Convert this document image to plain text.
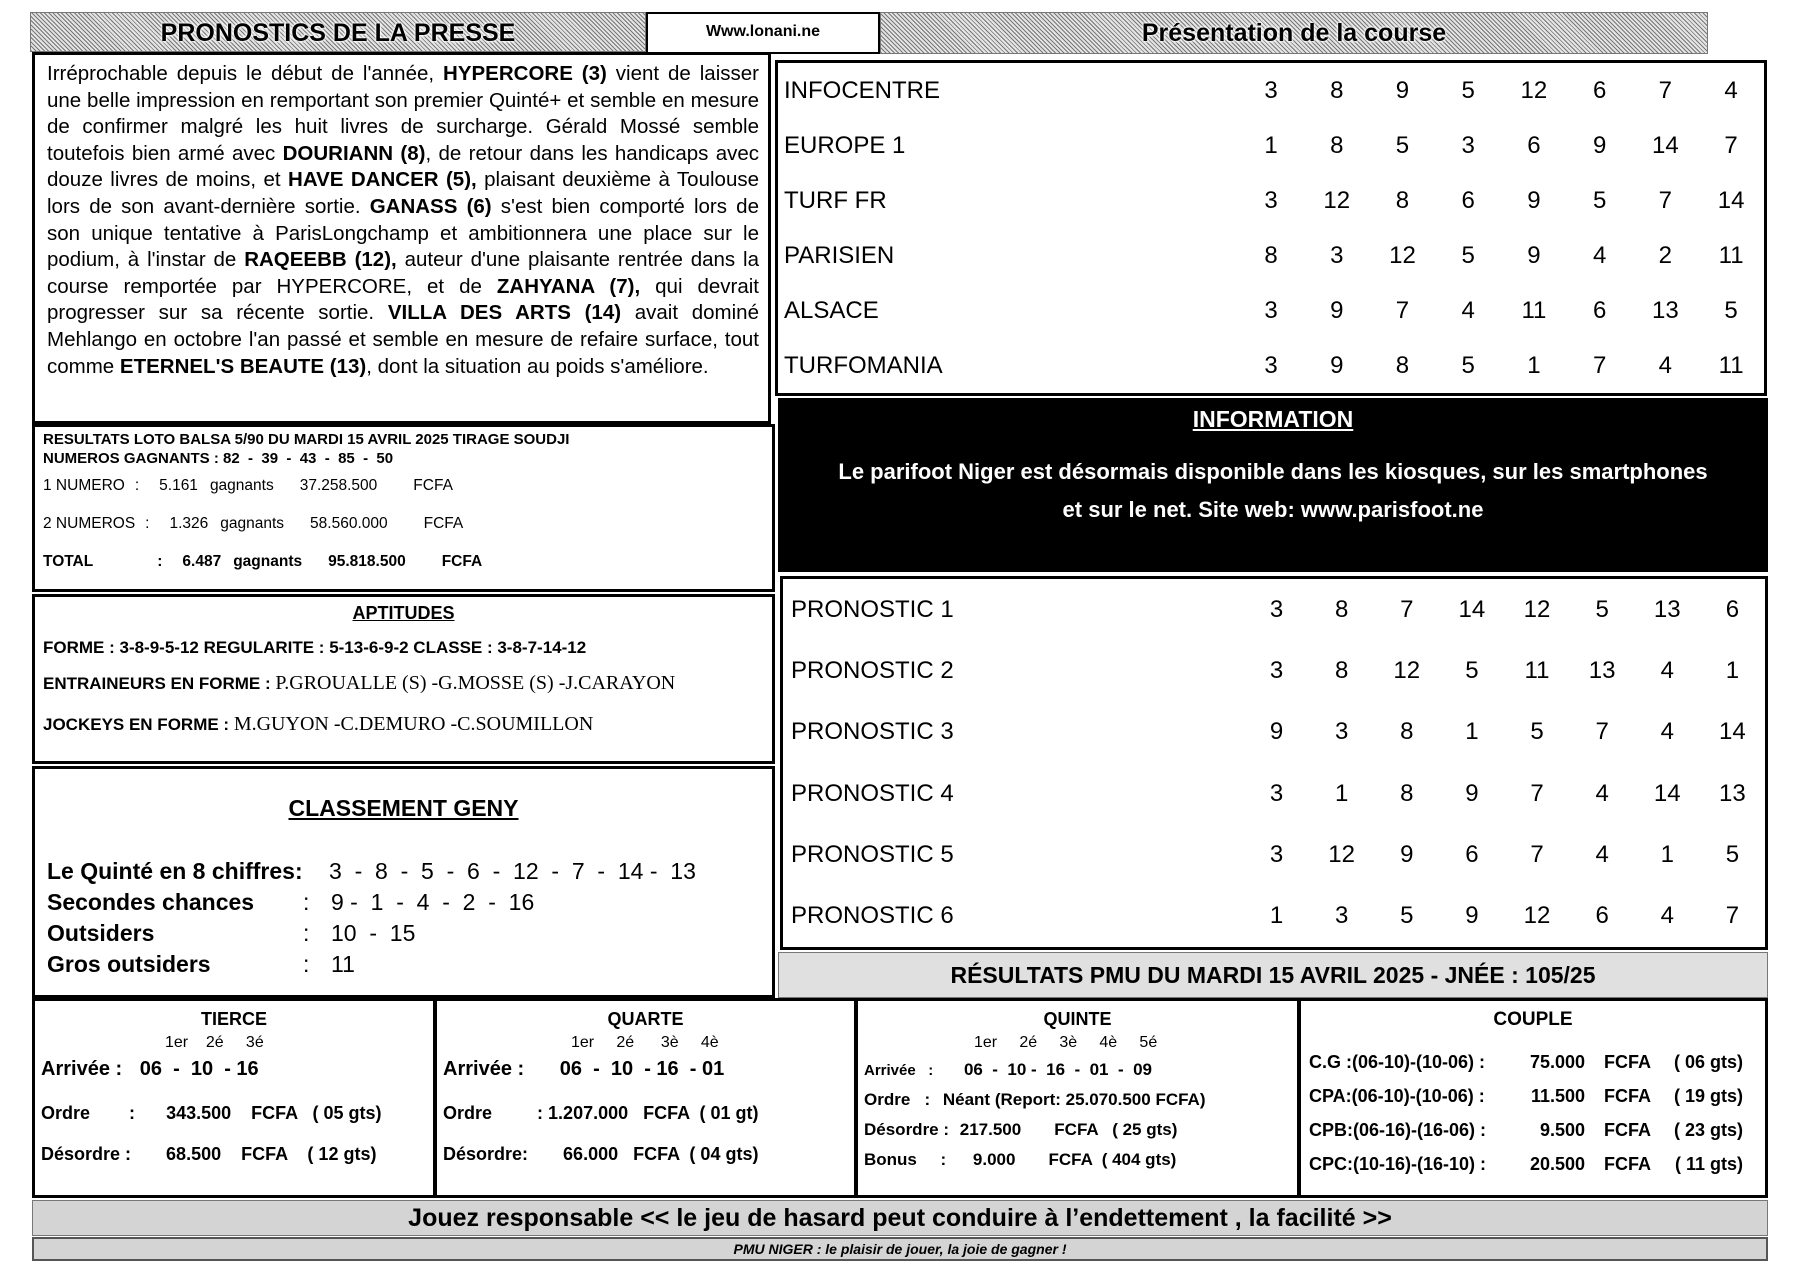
PRONOSTICS DE LA PRESSE	Www.lonani.ne	Présentation de la course
Irréprochable depuis le début de l'année, HYPERCORE (3) vient de laisser une belle impression en remportant son premier Quinté+ et semble en mesure de confirmer malgré les huit livres de surcharge. Gérald Mossé semble toutefois bien armé avec DOURIANN (8), de retour dans les handicaps avec douze livres de moins, et HAVE DANCER (5), plaisant deuxième à Toulouse lors de son avant-dernière sortie. GANASS (6) s'est bien comporté lors de son unique tentative à ParisLongchamp et ambitionnera une place sur le podium, à l'instar de RAQEEBB (12), auteur d'une plaisante rentrée dans la course remportée par HYPERCORE, et de ZAHYANA (7), qui devrait progresser sur sa récente sortie. VILLA DES ARTS (14) avait dominé Mehlango en octobre l'an passé et semble en mesure de refaire surface, tout comme ETERNEL'S BEAUTE (13), dont la situation au poids s'améliore.
INFOCENTRE	3	8	9	5	12	6	7	4
EUROPE 1	1	8	5	3	6	9	14	7
TURF FR	3	12	8	6	9	5	7	14
PARISIEN	8	3	12	5	9	4	2	11
ALSACE	3	9	7	4	11	6	13	5
TURFOMANIA	3	9	8	5	1	7	4	11
RESULTATS LOTO BALSA 5/90 DU MARDI 15 AVRIL 2025 TIRAGE SOUDJI
NUMEROS GAGNANTS : 82  -  39  -  43  -  85  -  50
1 NUMERO : 5.161 gagnants 37.258.500 FCFA
2 NUMEROS : 1.326 gagnants 58.560.000 FCFA
TOTAL	: 6.487 gagnants 95.818.500 FCFA
INFORMATION
Le parifoot Niger est désormais disponible dans les kiosques, sur les smartphones
et sur le net. Site web: www.parisfoot.ne
APTITUDES
FORME : 3-8-9-5-12 REGULARITE : 5-13-6-9-2 CLASSE : 3-8-7-14-12
ENTRAINEURS EN FORME : P.GROUALLE (S) -G.MOSSE (S) -J.CARAYON
JOCKEYS EN FORME : M.GUYON -C.DEMURO -C.SOUMILLON
PRONOSTIC 1	3	8	7	14	12	5	13	6
PRONOSTIC 2	3	8	12	5	11	13	4	1
PRONOSTIC 3	9	3	8	1	5	7	4	14
PRONOSTIC 4	3	1	8	9	7	4	14	13
PRONOSTIC 5	3	12	9	6	7	4	1	5
PRONOSTIC 6	1	3	5	9	12	6	4	7
CLASSEMENT GENY
Le Quinté en 8 chiffres: 3  -  8  -  5  -  6  -  12  -  7  -  14 -  13
Secondes chances : 9 -  1  -  4  -  2  -  16
Outsiders	: 10  -  15
Gros outsiders	: 11	RÉSULTATS PMU DU MARDI 15 AVRIL 2025 - JNÉE : 105/25
TIERCE
1er    2é     3é
Arrivée : 06  -  10  - 16
Ordre : 343.500    FCFA   ( 05 gts)
Désordre : 68.500    FCFA    ( 12 gts)
QUARTE
1er     2é      3è     4è
Arrivée : 06  -  10  - 16  - 01
Ordre	: 1.207.000   FCFA  ( 01 gt)
Désordre: 66.000   FCFA  ( 04 gts)
QUINTE
1er     2é     3è     4è     5é
Arrivée   : 06  -  10 -  16  -  01  -  09
Ordre   : Néant (Report: 25.070.500 FCFA)
Désordre : 217.500       FCFA   ( 25 gts)
Bonus     : 9.000       FCFA  ( 404 gts)
COUPLE
C.G :(06-10)-(10-06) : 75.000 FCFA ( 06 gts)
CPA:(06-10)-(10-06) :	11.500 FCFA ( 19 gts)
CPB:(06-16)-(16-06) :	9.500 FCFA ( 23 gts)
CPC:(10-16)-(16-10) : 20.500 FCFA ( 11 gts)
Jouez responsable << le jeu de hasard peut conduire à l’endettement , la facilité >>
PMU NIGER : le plaisir de jouer, la joie de gagner !
